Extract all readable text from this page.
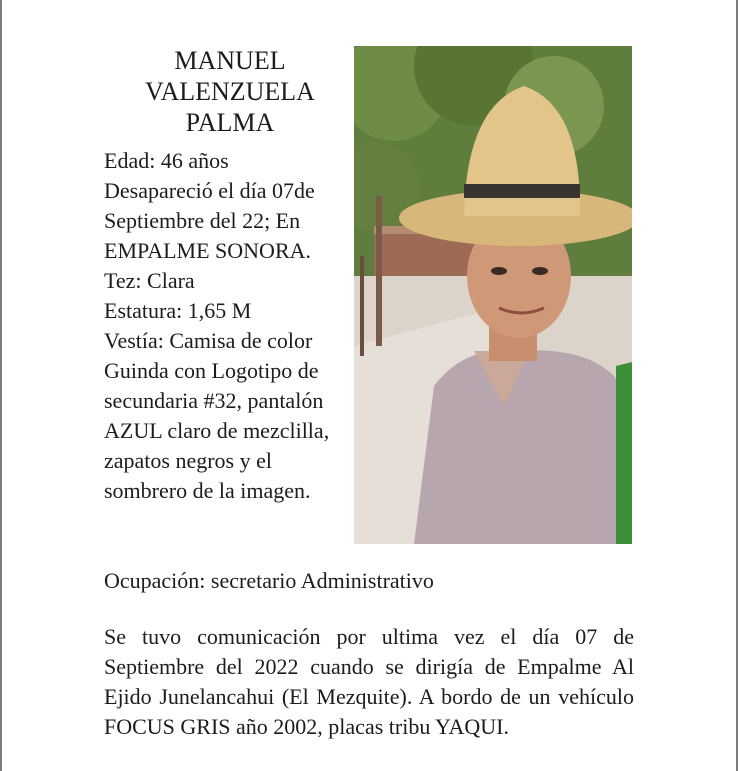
MANUEL
VALENZUELA
PALMA
Edad: 46 años
Desapareció el día 07de Septiembre del 22; En EMPALME SONORA.
Tez: Clara
Estatura: 1,65 M
Vestía: Camisa de color Guinda con Logotipo de secundaria #32, pantalón AZUL claro de mezclilla, zapatos negros y el sombrero de la imagen.
Ocupación: secretario Administrativo
Se tuvo comunicación por ultima vez el día 07 de Septiembre del 2022 cuando se dirigía de Empalme Al Ejido Junelancahui (El Mezquite). A bordo de un vehículo FOCUS GRIS año 2002, placas tribu YAQUI.
